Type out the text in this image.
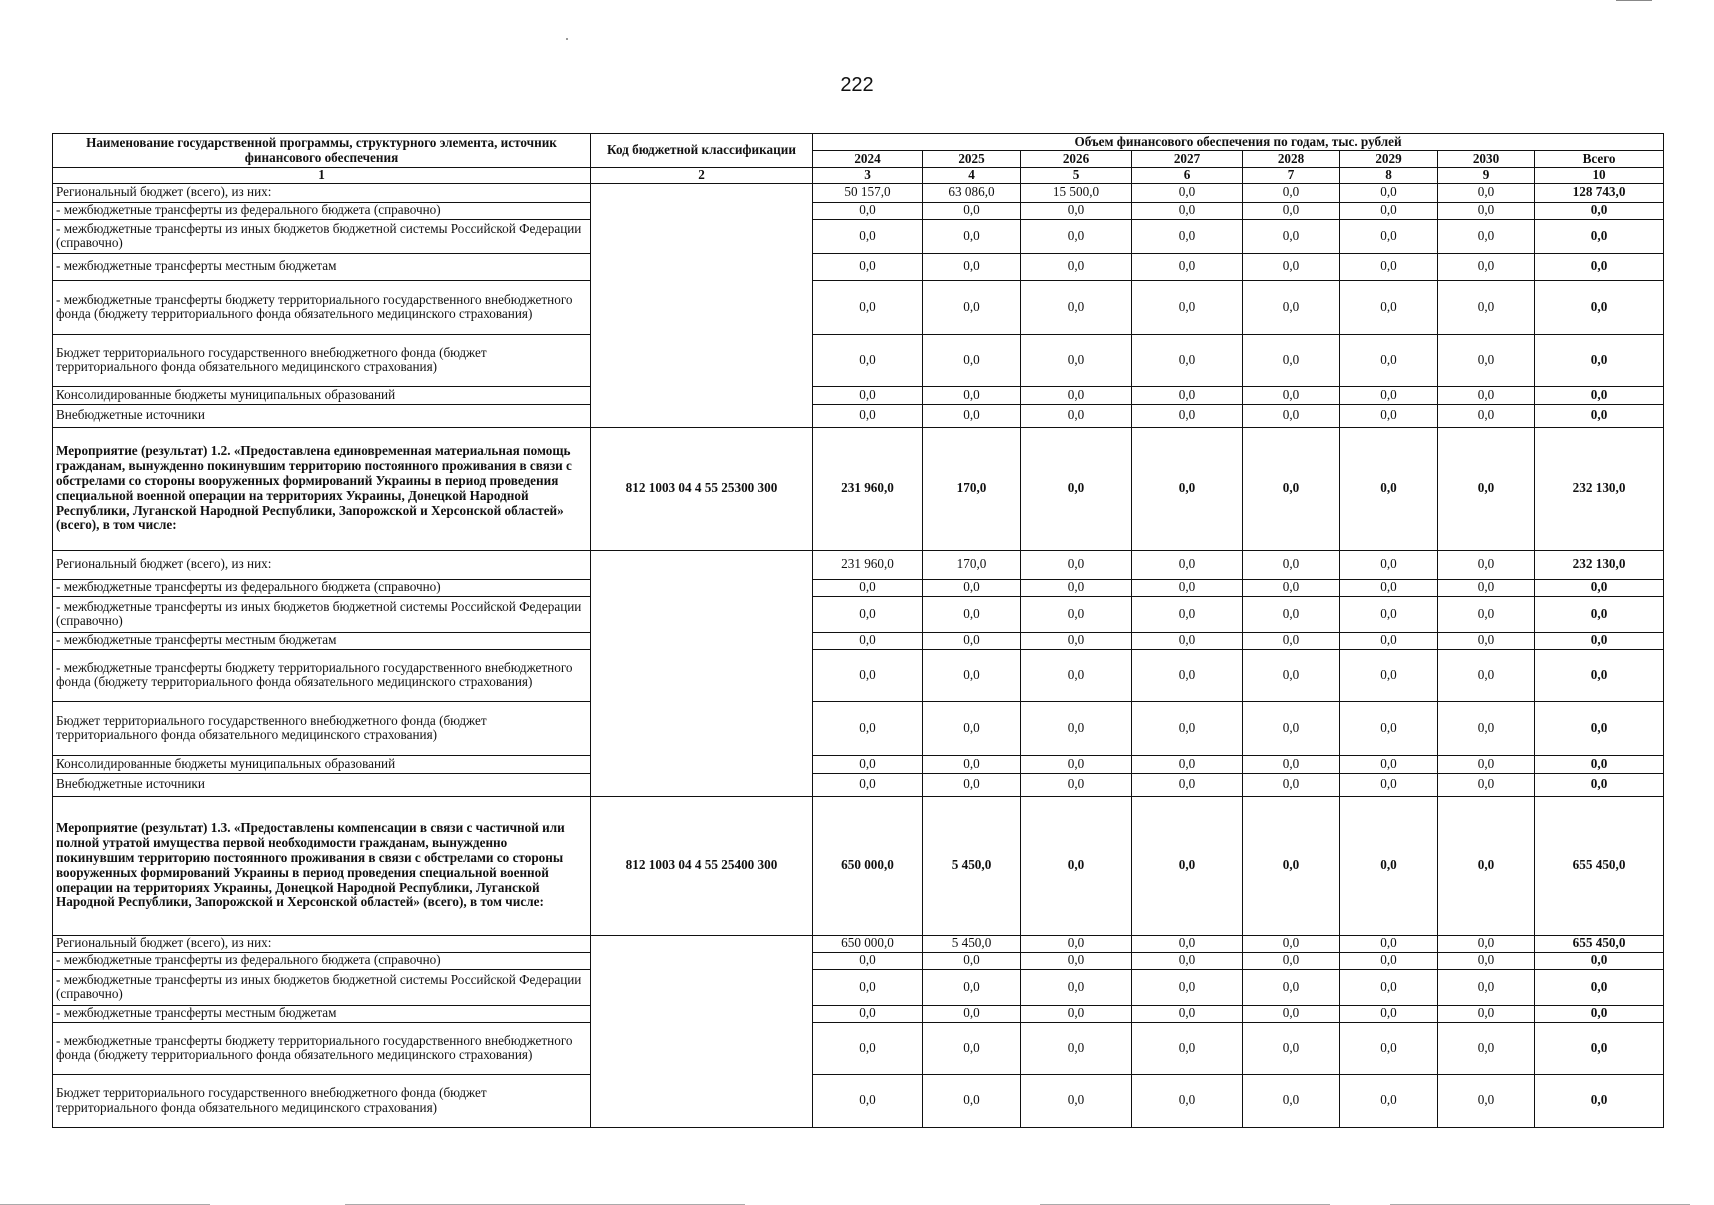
222
Наименование государственной программы, структурного элемента, источник финансового обеспечения	Код бюджетной классификации	Объем финансового обеспечения по годам, тыс. рублей							
		2024	2025	2026	2027	2028	2029	2030	Всего
1	2	3	4	5	6	7	8	9	10
Региональный бюджет (всего), из них:		50 157,0	63 086,0	15 500,0	0,0	0,0	0,0	0,0	128 743,0
- межбюджетные трансферты из федерального бюджета (справочно)		0,0	0,0	0,0	0,0	0,0	0,0	0,0	0,0
- межбюджетные трансферты из иных бюджетов бюджетной системы Российской Федерации (справочно)		0,0	0,0	0,0	0,0	0,0	0,0	0,0	0,0
- межбюджетные трансферты местным бюджетам		0,0	0,0	0,0	0,0	0,0	0,0	0,0	0,0
- межбюджетные трансферты бюджету территориального государственного внебюджетного фонда (бюджету территориального фонда обязательного медицинского страхования)		0,0	0,0	0,0	0,0	0,0	0,0	0,0	0,0
Бюджет территориального государственного внебюджетного фонда (бюджет территориального фонда обязательного медицинского страхования)		0,0	0,0	0,0	0,0	0,0	0,0	0,0	0,0
Консолидированные бюджеты муниципальных образований		0,0	0,0	0,0	0,0	0,0	0,0	0,0	0,0
Внебюджетные источники		0,0	0,0	0,0	0,0	0,0	0,0	0,0	0,0
Мероприятие (результат) 1.2. «Предоставлена единовременная материальная помощь гражданам, вынужденно покинувшим территорию постоянного проживания в связи с обстрелами со стороны вооруженных формирований Украины в период проведения специальной военной операции на территориях Украины, Донецкой Народной Республики, Луганской Народной Республики, Запорожской и Херсонской областей» (всего), в том числе:	812 1003 04 4 55 25300 300	231 960,0	170,0	0,0	0,0	0,0	0,0	0,0	232 130,0
Региональный бюджет (всего), из них:		231 960,0	170,0	0,0	0,0	0,0	0,0	0,0	232 130,0
- межбюджетные трансферты из федерального бюджета (справочно)		0,0	0,0	0,0	0,0	0,0	0,0	0,0	0,0
- межбюджетные трансферты из иных бюджетов бюджетной системы Российской Федерации (справочно)		0,0	0,0	0,0	0,0	0,0	0,0	0,0	0,0
- межбюджетные трансферты местным бюджетам		0,0	0,0	0,0	0,0	0,0	0,0	0,0	0,0
- межбюджетные трансферты бюджету территориального государственного внебюджетного фонда (бюджету территориального фонда обязательного медицинского страхования)		0,0	0,0	0,0	0,0	0,0	0,0	0,0	0,0
Бюджет территориального государственного внебюджетного фонда (бюджет территориального фонда обязательного медицинского страхования)		0,0	0,0	0,0	0,0	0,0	0,0	0,0	0,0
Консолидированные бюджеты муниципальных образований		0,0	0,0	0,0	0,0	0,0	0,0	0,0	0,0
Внебюджетные источники		0,0	0,0	0,0	0,0	0,0	0,0	0,0	0,0
Мероприятие (результат) 1.3. «Предоставлены компенсации в связи с частичной или полной утратой имущества первой необходимости гражданам, вынужденно покинувшим территорию постоянного проживания в связи с обстрелами со стороны вооруженных формирований Украины в период проведения специальной военной операции на территориях Украины, Донецкой Народной Республики, Луганской Народной Республики, Запорожской и Херсонской областей» (всего), в том числе:	812 1003 04 4 55 25400 300	650 000,0	5 450,0	0,0	0,0	0,0	0,0	0,0	655 450,0
Региональный бюджет (всего), из них:		650 000,0	5 450,0	0,0	0,0	0,0	0,0	0,0	655 450,0
- межбюджетные трансферты из федерального бюджета (справочно)		0,0	0,0	0,0	0,0	0,0	0,0	0,0	0,0
- межбюджетные трансферты из иных бюджетов бюджетной системы Российской Федерации (справочно)		0,0	0,0	0,0	0,0	0,0	0,0	0,0	0,0
- межбюджетные трансферты местным бюджетам		0,0	0,0	0,0	0,0	0,0	0,0	0,0	0,0
- межбюджетные трансферты бюджету территориального государственного внебюджетного фонда (бюджету территориального фонда обязательного медицинского страхования)		0,0	0,0	0,0	0,0	0,0	0,0	0,0	0,0
Бюджет территориального государственного внебюджетного фонда (бюджет территориального фонда обязательного медицинского страхования)		0,0	0,0	0,0	0,0	0,0	0,0	0,0	0,0
